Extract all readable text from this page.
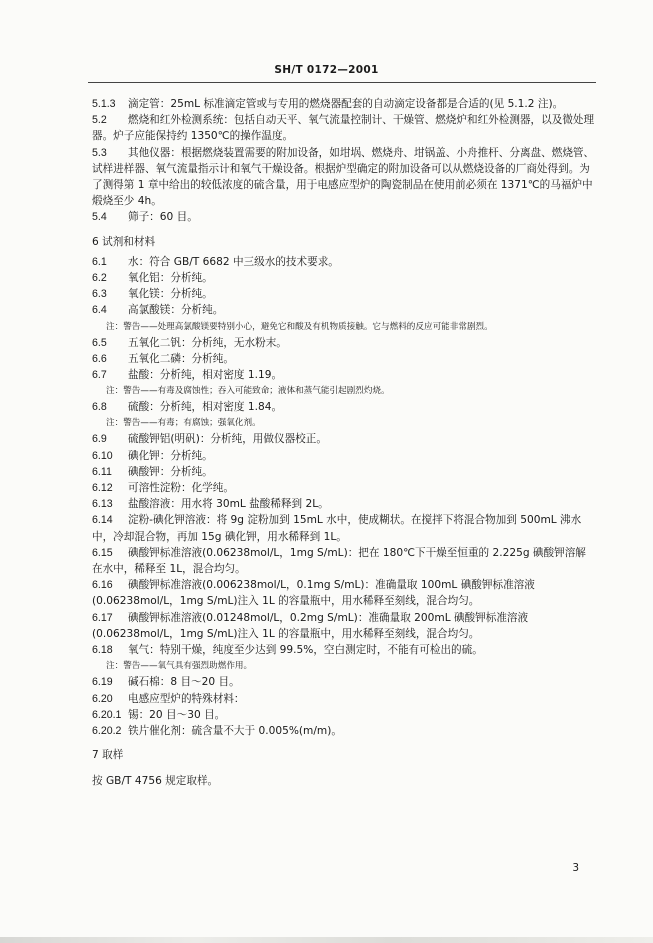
SH/T 0172—2001

5.1.3 滴定管：25mL 标准滴定管或与专用的燃烧器配套的自动滴定设备都是合适的(见 5.1.2 注)。

5.2 燃烧和红外检测系统：包括自动天平、氧气流量控制计、干燥管、燃烧炉和红外检测器，以及微处理器。炉子应能保持约 1350℃的操作温度。

5.3 其他仪器：根据燃烧装置需要的附加设备，如坩埚、燃烧舟、坩锅盖、小舟推杆、分离盘、燃烧管、试样进样器、氧气流量指示计和氧气干燥设备。根据炉型确定的附加设备可以从燃烧设备的厂商处得到。为了测得第 1 章中给出的较低浓度的硫含量，用于电感应型炉的陶瓷制品在使用前必须在 1371℃的马福炉中煅烧至少 4h。

5.4 筛子：60 目。

6 试剂和材料

6.1 水：符合 GB/T 6682 中三级水的技术要求。

6.2 氧化铝：分析纯。

6.3 氧化镁：分析纯。

6.4 高氯酸镁：分析纯。

注：警告——处理高氯酸镁要特别小心，避免它和酸及有机物质接触。它与燃料的反应可能非常剧烈。

6.5 五氧化二钒：分析纯，无水粉末。

6.6 五氧化二磷：分析纯。

6.7 盐酸：分析纯，相对密度 1.19。

注：警告——有毒及腐蚀性；吞入可能致命；液体和蒸气能引起剧烈灼烧。

6.8 硫酸：分析纯，相对密度 1.84。

注：警告——有毒；有腐蚀；强氧化剂。

6.9 硫酸钾铝(明矾)：分析纯，用做仪器校正。

6.10 碘化钾：分析纯。

6.11 碘酸钾：分析纯。

6.12 可溶性淀粉：化学纯。

6.13 盐酸溶液：用水将 30mL 盐酸稀释到 2L。

6.14 淀粉-碘化钾溶液：将 9g 淀粉加到 15mL 水中，使成糊状。在搅拌下将混合物加到 500mL 沸水中，冷却混合物，再加 15g 碘化钾，用水稀释到 1L。

6.15 碘酸钾标准溶液(0.06238mol/L，1mg S/mL)：把在 180℃下干燥至恒重的 2.225g 碘酸钾溶解在水中，稀释至 1L，混合均匀。

6.16 碘酸钾标准溶液(0.006238mol/L，0.1mg S/mL)：准确量取 100mL 碘酸钾标准溶液(0.06238mol/L，1mg S/mL)注入 1L 的容量瓶中，用水稀释至刻线，混合均匀。

6.17 碘酸钾标准溶液(0.01248mol/L，0.2mg S/mL)：准确量取 200mL 碘酸钾标准溶液(0.06238mol/L，1mg S/mL)注入 1L 的容量瓶中，用水稀释至刻线，混合均匀。

6.18 氧气：特别干燥，纯度至少达到 99.5%，空白测定时，不能有可检出的硫。

注：警告——氧气具有强烈助燃作用。

6.19 碱石棉：8 目～20 目。

6.20 电感应型炉的特殊材料：

6.20.1 锡：20 目～30 目。

6.20.2 铁片催化剂：硫含量不大于 0.005%(m/m)。

7 取样

按 GB/T 4756 规定取样。

3
